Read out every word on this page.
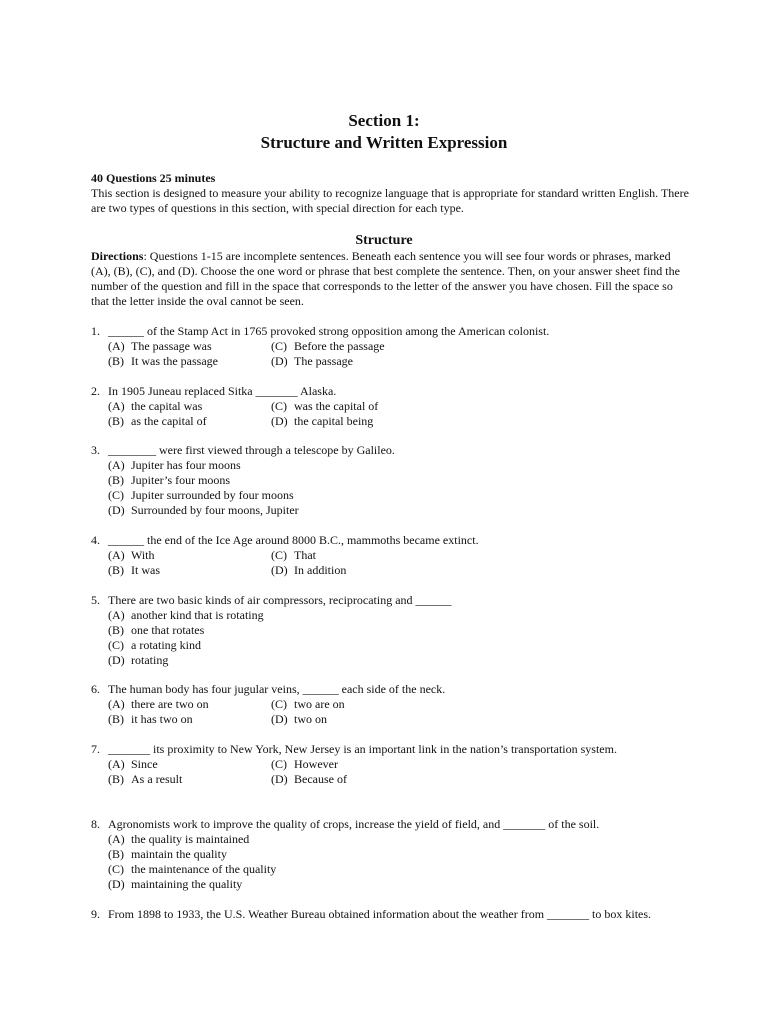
Section 1:
Structure and Written Expression
40 Questions 25 minutes
This section is designed to measure your ability to recognize language that is appropriate for standard written English. There are two types of questions in this section, with special direction for each type.
Structure
Directions: Questions 1-15 are incomplete sentences. Beneath each sentence you will see four words or phrases, marked (A), (B), (C), and (D). Choose the one word or phrase that best complete the sentence. Then, on your answer sheet find the number of the question and fill in the space that corresponds to the letter of the answer you have chosen. Fill the space so that the letter inside the oval cannot be seen.
1. ______ of the Stamp Act in 1765 provoked strong opposition among the American colonist.
(A) The passage was	(C) Before the passage
(B) It was the passage	(D) The passage
2. In 1905 Juneau replaced Sitka _______ Alaska.
(A) the capital was	(C) was the capital of
(B) as the capital of	(D) the capital being
3. ________ were first viewed through a telescope by Galileo.
(A) Jupiter has four moons
(B) Jupiter’s four moons
(C) Jupiter surrounded by four moons
(D) Surrounded by four moons, Jupiter
4. ______ the end of the Ice Age around 8000 B.C., mammoths became extinct.
(A) With	(C) That
(B) It was	(D) In addition
5. There are two basic kinds of air compressors, reciprocating and ______
(A) another kind that is rotating
(B) one that rotates
(C) a rotating kind
(D) rotating
6. The human body has four jugular veins, ______ each side of the neck.
(A) there are two on	(C) two are on
(B) it has two on	(D) two on
7. _______ its proximity to New York, New Jersey is an important link in the nation’s transportation system.
(A) Since	(C) However
(B) As a result	(D) Because of
8. Agronomists work to improve the quality of crops, increase the yield of field, and _______ of the soil.
(A) the quality is maintained
(B) maintain the quality
(C) the maintenance of the quality
(D) maintaining the quality
9. From 1898 to 1933, the U.S. Weather Bureau obtained information about the weather from _______ to box kites.
